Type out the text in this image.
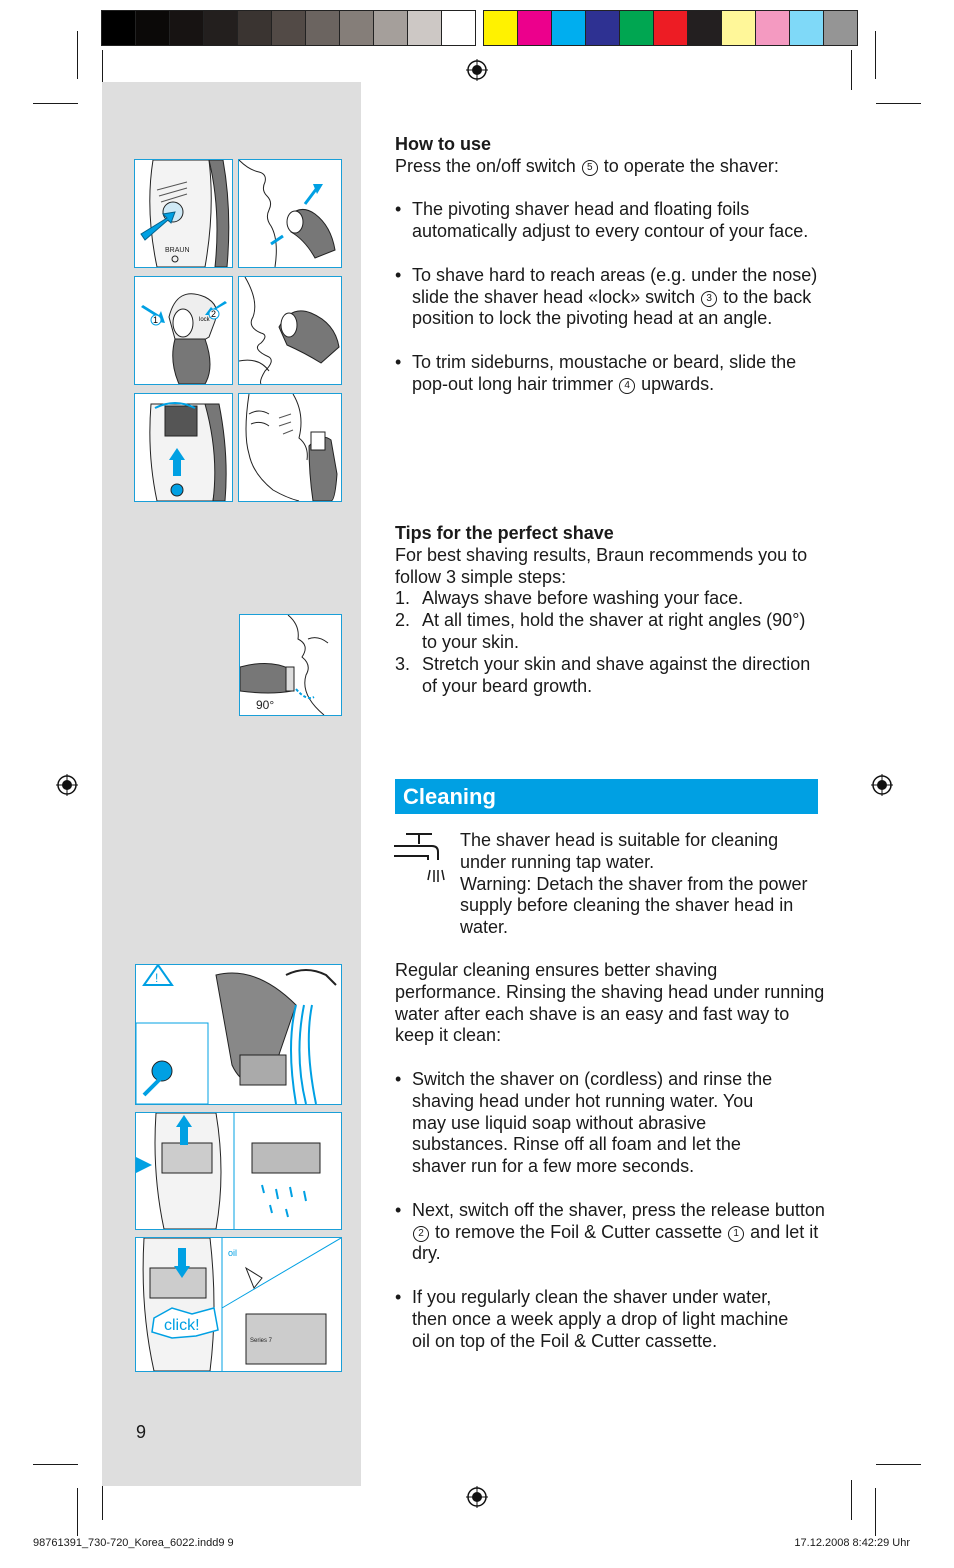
BRAUN
lock
1
2
90°
!
click!
oil
Series 7

How to use

Press the on/off switch 5 to operate the shaver:

• The pivoting shaver head and floating foils automatically adjust to every contour of your face.

• To shave hard to reach areas (e.g. under the nose) slide the shaver head «lock» switch 3 to the back position to lock the pivoting head at an angle.

• To trim sideburns, moustache or beard, slide the pop-out long hair trimmer 4 upwards.

Tips for the perfect shave

For best shaving results, Braun recommends you to follow 3 simple steps:

1. Always shave before washing your face.

2. At all times, hold the shaver at right angles (90°) to your skin.

3. Stretch your skin and shave against the direction of your beard growth.

Cleaning

The shaver head is suitable for cleaning under running tap water.

Warning: Detach the shaver from the power supply before cleaning the shaver head in water.

Regular cleaning ensures better shaving performance. Rinsing the shaving head under running water after each shave is an easy and fast way to keep it clean:

• Switch the shaver on (cordless) and rinse the shaving head under hot running water. You may use liquid soap without abrasive substances. Rinse off all foam and let the shaver run for a few more seconds.

• Next, switch off the shaver, press the release button 2 to remove the Foil & Cutter cassette 1 and let it dry.

• If you regularly clean the shaver under water, then once a week apply a drop of light machine oil on top of the Foil & Cutter cassette.

9
98761391_730-720_Korea_6022.indd9 9	17.12.2008 8:42:29 Uhr
